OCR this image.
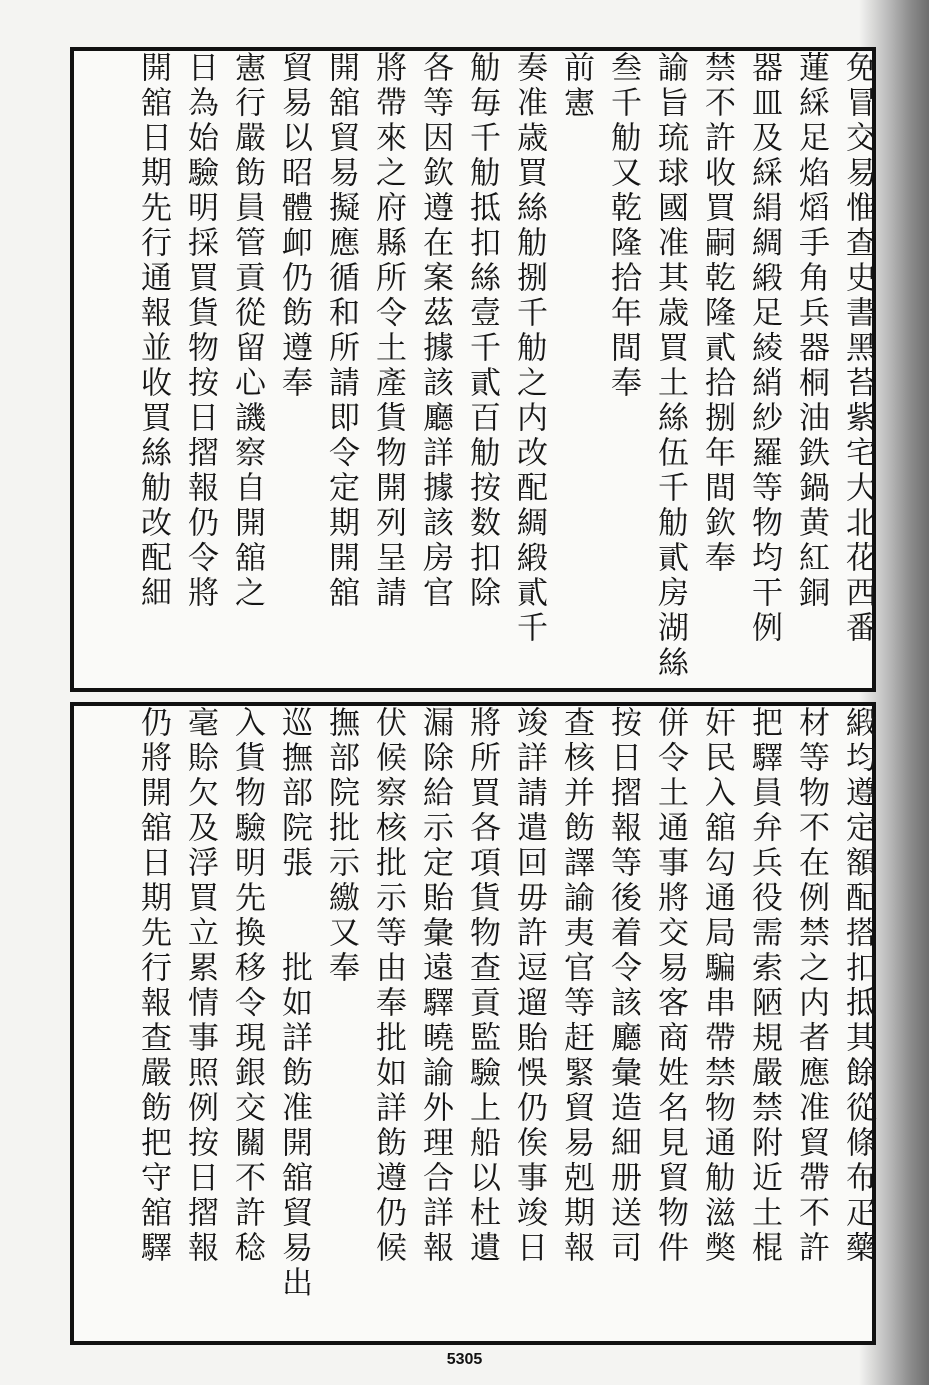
免冒交易惟查史書黑苔紫宅大北花西番
蓮綵足焰熖手角兵器桐油鉄鍋黄紅銅
器皿及綵絹綢緞足綾綃紗羅等物均干例
禁不許收買嗣乾隆貳拾捌年間欽奉
諭旨琉球國准其歳買土絲伍千觔貳房湖絲
叁千觔又乾隆拾年間奉
前憲
奏准歳買絲觔捌千觔之内改配綢緞貳千
觔毎千觔抵扣絲壹千貳百觔按数扣除
各等因欽遵在案茲據該廳詳據該房官
將帶來之府縣所令土產貨物開列呈請
開舘貿易擬應循和所請即令定期開舘
貿易以昭體卹仍飭遵奉
憲行嚴飭員管貢從留心譏察自開舘之
日為始驗明採買貨物按日摺報仍令將
開舘日期先行通報並收買絲觔改配細
緞均遵定額配搭扣抵其餘從條布疋藥
材等物不在例禁之内者應准貿帶不許
把驛員弁兵役需索陋規嚴禁附近土棍
奸民入舘勾通局騙串帶禁物通觔滋獘
併令土通事將交易客商姓名見貿物件
按日摺報等後着令該廳彙造細册送司
查核并飭譯諭夷官等赶緊貿易剋期報
竣詳請遣回毋許逗遛貽悞仍俟事竣日
將所買各項貨物查貢監驗上船以杜遺
漏除給示定貽彙遠驛曉諭外理合詳報
伏候察核批示等由奉批如詳飭遵仍候
撫部院批示繳又奉
巡撫部院張　　批如詳飭准開舘貿易出
入貨物驗明先換移令現銀交關不許稔
毫賒欠及浮買立累情事照例按日摺報
仍將開舘日期先行報查嚴飭把守舘驛
5305
